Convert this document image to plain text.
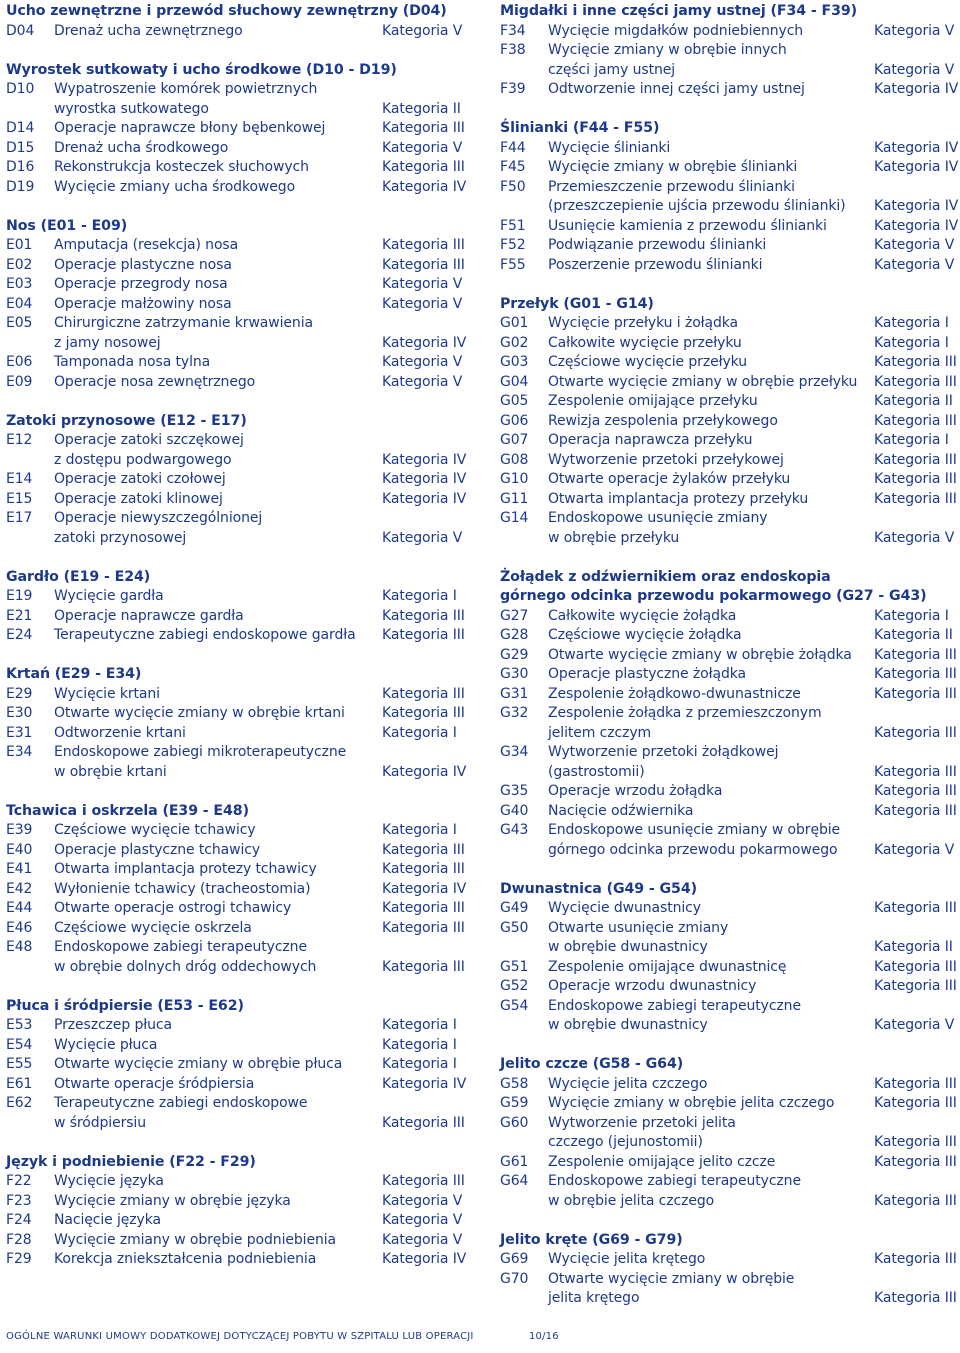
Ucho zewnętrzne i przewód słuchowy zewnętrzny (D04)
D04	Drenaż ucha zewnętrznego	Kategoria V
Wyrostek sutkowaty i ucho środkowe (D10 - D19)
D10	Wypatroszenie komórek powietrznych
wyrostka sutkowatego	Kategoria II
D14	Operacje naprawcze błony bębenkowej	Kategoria III
D15	Drenaż ucha środkowego	Kategoria V
D16	Rekonstrukcja kosteczek słuchowych	Kategoria III
D19	Wycięcie zmiany ucha środkowego	Kategoria IV
Nos (E01 - E09)
E01	Amputacja (resekcja) nosa	Kategoria III
E02	Operacje plastyczne nosa	Kategoria III
E03	Operacje przegrody nosa	Kategoria V
E04	Operacje małżowiny nosa	Kategoria V
E05	Chirurgiczne zatrzymanie krwawienia
z jamy nosowej	Kategoria IV
E06	Tamponada nosa tylna	Kategoria V
E09	Operacje nosa zewnętrznego	Kategoria V
Zatoki przynosowe (E12 - E17)
E12	Operacje zatoki szczękowej
z dostępu podwargowego	Kategoria IV
E14	Operacje zatoki czołowej	Kategoria IV
E15	Operacje zatoki klinowej	Kategoria IV
E17	Operacje niewyszczególnionej
zatoki przynosowej	Kategoria V
Gardło (E19 - E24)
E19	Wycięcie gardła	Kategoria I
E21	Operacje naprawcze gardła	Kategoria III
E24	Terapeutyczne zabiegi endoskopowe gardła	Kategoria III
Krtań (E29 - E34)
E29	Wycięcie krtani	Kategoria III
E30	Otwarte wycięcie zmiany w obrębie krtani	Kategoria III
E31	Odtworzenie krtani	Kategoria I
E34	Endoskopowe zabiegi mikroterapeutyczne
w obrębie krtani	Kategoria IV
Tchawica i oskrzela (E39 - E48)
E39	Częściowe wycięcie tchawicy	Kategoria I
E40	Operacje plastyczne tchawicy	Kategoria III
E41	Otwarta implantacja protezy tchawicy	Kategoria III
E42	Wyłonienie tchawicy (tracheostomia)	Kategoria IV
E44	Otwarte operacje ostrogi tchawicy	Kategoria III
E46	Częściowe wycięcie oskrzela	Kategoria III
E48	Endoskopowe zabiegi terapeutyczne
w obrębie dolnych dróg oddechowych	Kategoria III
Płuca i śródpiersie (E53 - E62)
E53	Przeszczep płuca	Kategoria I
E54	Wycięcie płuca	Kategoria I
E55	Otwarte wycięcie zmiany w obrębie płuca	Kategoria I
E61	Otwarte operacje śródpiersia	Kategoria IV
E62	Terapeutyczne zabiegi endoskopowe
w śródpiersiu	Kategoria III
Język i podniebienie (F22 - F29)
F22	Wycięcie języka	Kategoria III
F23	Wycięcie zmiany w obrębie języka	Kategoria V
F24	Nacięcie języka	Kategoria V
F28	Wycięcie zmiany w obrębie podniebienia	Kategoria V
F29	Korekcja zniekształcenia podniebienia	Kategoria IV
Migdałki i inne części jamy ustnej (F34 - F39)
F34	Wycięcie migdałków podniebiennych	Kategoria V
F38	Wycięcie zmiany w obrębie innych
części jamy ustnej	Kategoria V
F39	Odtworzenie innej części jamy ustnej	Kategoria IV
Ślinianki (F44 - F55)
F44	Wycięcie ślinianki	Kategoria IV
F45	Wycięcie zmiany w obrębie ślinianki	Kategoria IV
F50	Przemieszczenie przewodu ślinianki
(przeszczepienie ujścia przewodu ślinianki)	Kategoria IV
F51	Usunięcie kamienia z przewodu ślinianki	Kategoria IV
F52	Podwiązanie przewodu ślinianki	Kategoria V
F55	Poszerzenie przewodu ślinianki	Kategoria V
Przełyk (G01 - G14)
G01	Wycięcie przełyku i żołądka	Kategoria I
G02	Całkowite wycięcie przełyku	Kategoria I
G03	Częściowe wycięcie przełyku	Kategoria III
G04	Otwarte wycięcie zmiany w obrębie przełyku	Kategoria III
G05	Zespolenie omijające przełyku	Kategoria II
G06	Rewizja zespolenia przełykowego	Kategoria III
G07	Operacja naprawcza przełyku	Kategoria I
G08	Wytworzenie przetoki przełykowej	Kategoria III
G10	Otwarte operacje żylaków przełyku	Kategoria III
G11	Otwarta implantacja protezy przełyku	Kategoria III
G14	Endoskopowe usunięcie zmiany
w obrębie przełyku	Kategoria V
Żołądek z odźwiernikiem oraz endoskopia
górnego odcinka przewodu pokarmowego (G27 - G43)
G27	Całkowite wycięcie żołądka	Kategoria I
G28	Częściowe wycięcie żołądka	Kategoria II
G29	Otwarte wycięcie zmiany w obrębie żołądka	Kategoria III
G30	Operacje plastyczne żołądka	Kategoria III
G31	Zespolenie żołądkowo-dwunastnicze	Kategoria III
G32	Zespolenie żołądka z przemieszczonym
jelitem czczym	Kategoria III
G34	Wytworzenie przetoki żołądkowej
(gastrostomii)	Kategoria III
G35	Operacje wrzodu żołądka	Kategoria III
G40	Nacięcie odźwiernika	Kategoria III
G43	Endoskopowe usunięcie zmiany w obrębie
górnego odcinka przewodu pokarmowego	Kategoria V
Dwunastnica (G49 - G54)
G49	Wycięcie dwunastnicy	Kategoria III
G50	Otwarte usunięcie zmiany
w obrębie dwunastnicy	Kategoria II
G51	Zespolenie omijające dwunastnicę	Kategoria III
G52	Operacje wrzodu dwunastnicy	Kategoria III
G54	Endoskopowe zabiegi terapeutyczne
w obrębie dwunastnicy	Kategoria V
Jelito czcze (G58 - G64)
G58	Wycięcie jelita czczego	Kategoria III
G59	Wycięcie zmiany w obrębie jelita czczego	Kategoria III
G60	Wytworzenie przetoki jelita
czczego (jejunostomii)	Kategoria III
G61	Zespolenie omijające jelito czcze	Kategoria III
G64	Endoskopowe zabiegi terapeutyczne
w obrębie jelita czczego	Kategoria III
Jelito kręte (G69 - G79)
G69	Wycięcie jelita krętego	Kategoria III
G70	Otwarte wycięcie zmiany w obrębie
jelita krętego	Kategoria III
OGÓLNE WARUNKI UMOWY DODATKOWEJ DOTYCZĄCEJ POBYTU W SZPITALU LUB OPERACJI	10/16
